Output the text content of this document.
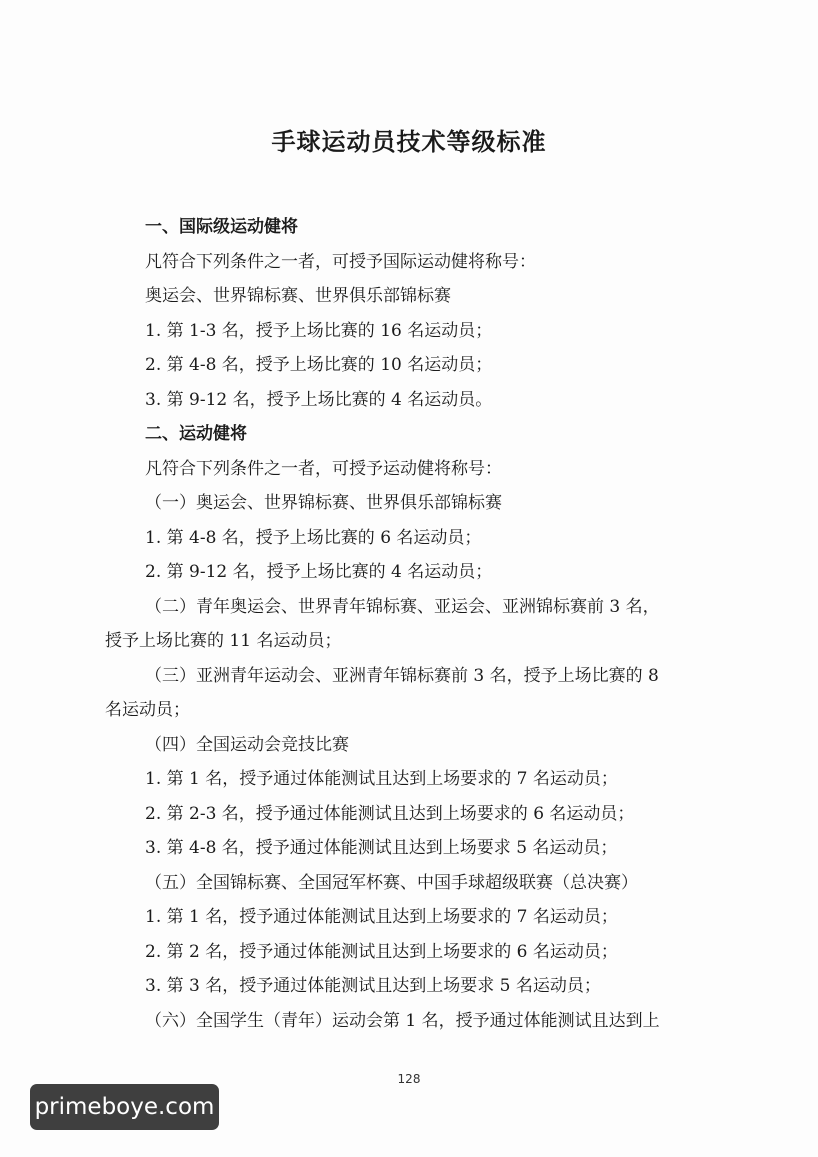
手球运动员技术等级标准

一、国际级运动健将

凡符合下列条件之一者，可授予国际运动健将称号：

奥运会、世界锦标赛、世界俱乐部锦标赛

1. 第 1-3 名，授予上场比赛的 16 名运动员；

2. 第 4-8 名，授予上场比赛的 10 名运动员；

3. 第 9-12 名，授予上场比赛的 4 名运动员。

二、运动健将

凡符合下列条件之一者，可授予运动健将称号：

（一）奥运会、世界锦标赛、世界俱乐部锦标赛

1. 第 4-8 名，授予上场比赛的 6 名运动员；

2. 第 9-12 名，授予上场比赛的 4 名运动员；

（二）青年奥运会、世界青年锦标赛、亚运会、亚洲锦标赛前 3 名，

授予上场比赛的 11 名运动员；

（三）亚洲青年运动会、亚洲青年锦标赛前 3 名，授予上场比赛的 8

名运动员；

（四）全国运动会竞技比赛

1. 第 1 名，授予通过体能测试且达到上场要求的 7 名运动员；

2. 第 2-3 名，授予通过体能测试且达到上场要求的 6 名运动员；

3. 第 4-8 名，授予通过体能测试且达到上场要求 5 名运动员；

（五）全国锦标赛、全国冠军杯赛、中国手球超级联赛（总决赛）

1. 第 1 名，授予通过体能测试且达到上场要求的 7 名运动员；

2. 第 2 名，授予通过体能测试且达到上场要求的 6 名运动员；

3. 第 3 名，授予通过体能测试且达到上场要求 5 名运动员；

（六）全国学生（青年）运动会第 1 名，授予通过体能测试且达到上

128
primeboye.com
